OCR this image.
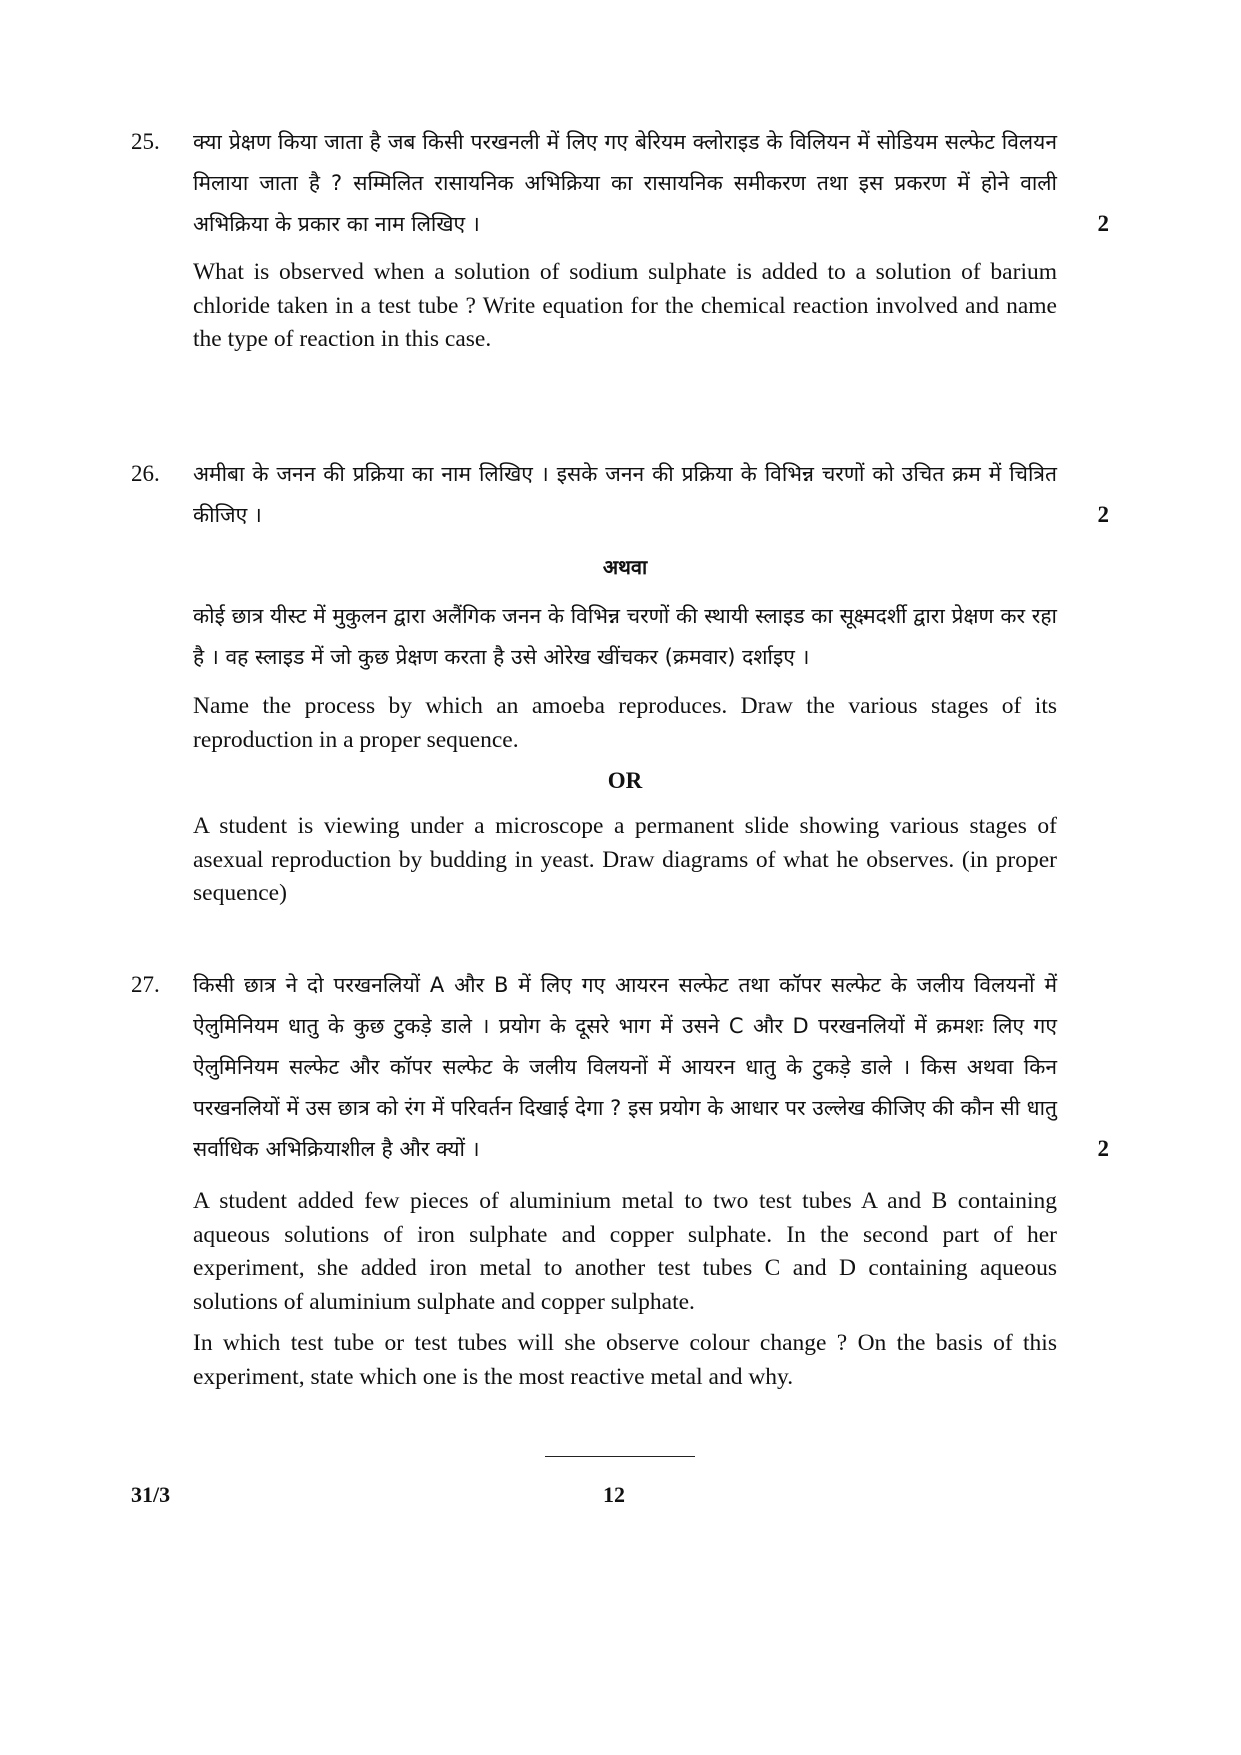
25. क्या प्रेक्षण किया जाता है जब किसी परखनली में लिए गए बेरियम क्लोराइड के विलियन में सोडियम सल्फेट विलयन मिलाया जाता है ? सम्मिलित रासायनिक अभिक्रिया का रासायनिक समीकरण तथा इस प्रकरण में होने वाली अभिक्रिया के प्रकार का नाम लिखिए ।	2
What is observed when a solution of sodium sulphate is added to a solution of barium chloride taken in a test tube ? Write equation for the chemical reaction involved and name the type of reaction in this case.
26. अमीबा के जनन की प्रक्रिया का नाम लिखिए । इसके जनन की प्रक्रिया के विभिन्न चरणों को उचित क्रम में चित्रित कीजिए ।	2
अथवा
कोई छात्र यीस्ट में मुकुलन द्वारा अलैंगिक जनन के विभिन्न चरणों की स्थायी स्लाइड का सूक्ष्मदर्शी द्वारा प्रेक्षण कर रहा है । वह स्लाइड में जो कुछ प्रेक्षण करता है उसे ओरेख खींचकर (क्रमवार) दर्शाइए ।
Name the process by which an amoeba reproduces. Draw the various stages of its reproduction in a proper sequence.
OR
A student is viewing under a microscope a permanent slide showing various stages of asexual reproduction by budding in yeast. Draw diagrams of what he observes. (in proper sequence)
27. किसी छात्र ने दो परखनलियों A और B में लिए गए आयरन सल्फेट तथा कॉपर सल्फेट के जलीय विलयनों में ऐलुमिनियम धातु के कुछ टुकड़े डाले । प्रयोग के दूसरे भाग में उसने C और D परखनलियों में क्रमशः लिए गए ऐलुमिनियम सल्फेट और कॉपर सल्फेट के जलीय विलयनों में आयरन धातु के टुकड़े डाले । किस अथवा किन परखनलियों में उस छात्र को रंग में परिवर्तन दिखाई देगा ? इस प्रयोग के आधार पर उल्लेख कीजिए की कौन सी धातु सर्वाधिक अभिक्रियाशील है और क्यों ।	2
A student added few pieces of aluminium metal to two test tubes A and B containing aqueous solutions of iron sulphate and copper sulphate. In the second part of her experiment, she added iron metal to another test tubes C and D containing aqueous solutions of aluminium sulphate and copper sulphate.
In which test tube or test tubes will she observe colour change ? On the basis of this experiment, state which one is the most reactive metal and why.
31/3	12
